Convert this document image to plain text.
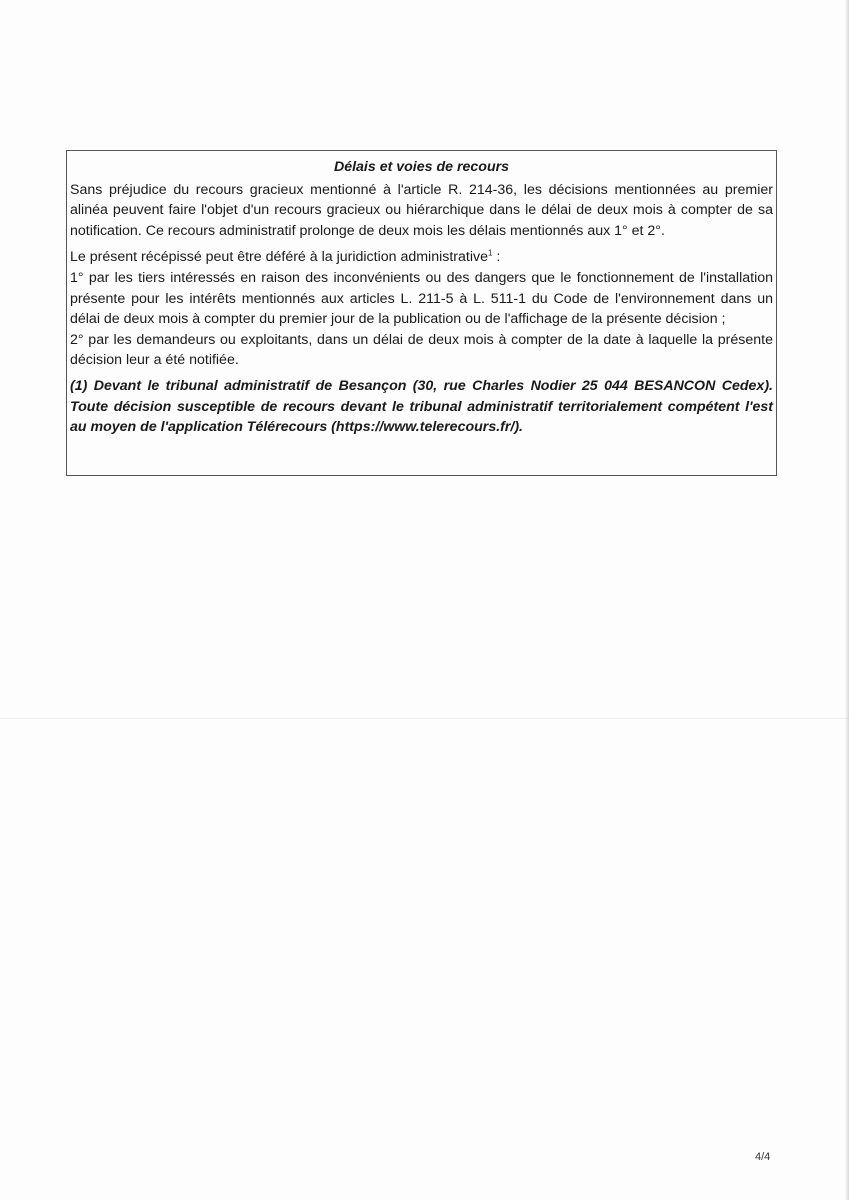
Délais et voies de recours

Sans préjudice du recours gracieux mentionné à l'article R. 214-36, les décisions mentionnées au premier alinéa peuvent faire l'objet d'un recours gracieux ou hiérarchique dans le délai de deux mois à compter de sa notification. Ce recours administratif prolonge de deux mois les délais mentionnés aux 1° et 2°.

Le présent récépissé peut être déféré à la juridiction administrative$^1$ :

1° par les tiers intéressés en raison des inconvénients ou des dangers que le fonctionnement de l'installation présente pour les intérêts mentionnés aux articles L. 211-5 à L. 511-1 du Code de l'environnement dans un délai de deux mois à compter du premier jour de la publication ou de l'affichage de la présente décision ;

2° par les demandeurs ou exploitants, dans un délai de deux mois à compter de la date à laquelle la présente décision leur a été notifiée.

(1) Devant le tribunal administratif de Besançon (30, rue Charles Nodier 25 044 BESANCON Cedex). Toute décision susceptible de recours devant le tribunal administratif territorialement compétent l'est au moyen de l'application Télérecours (https://www.telerecours.fr/).

4/4
